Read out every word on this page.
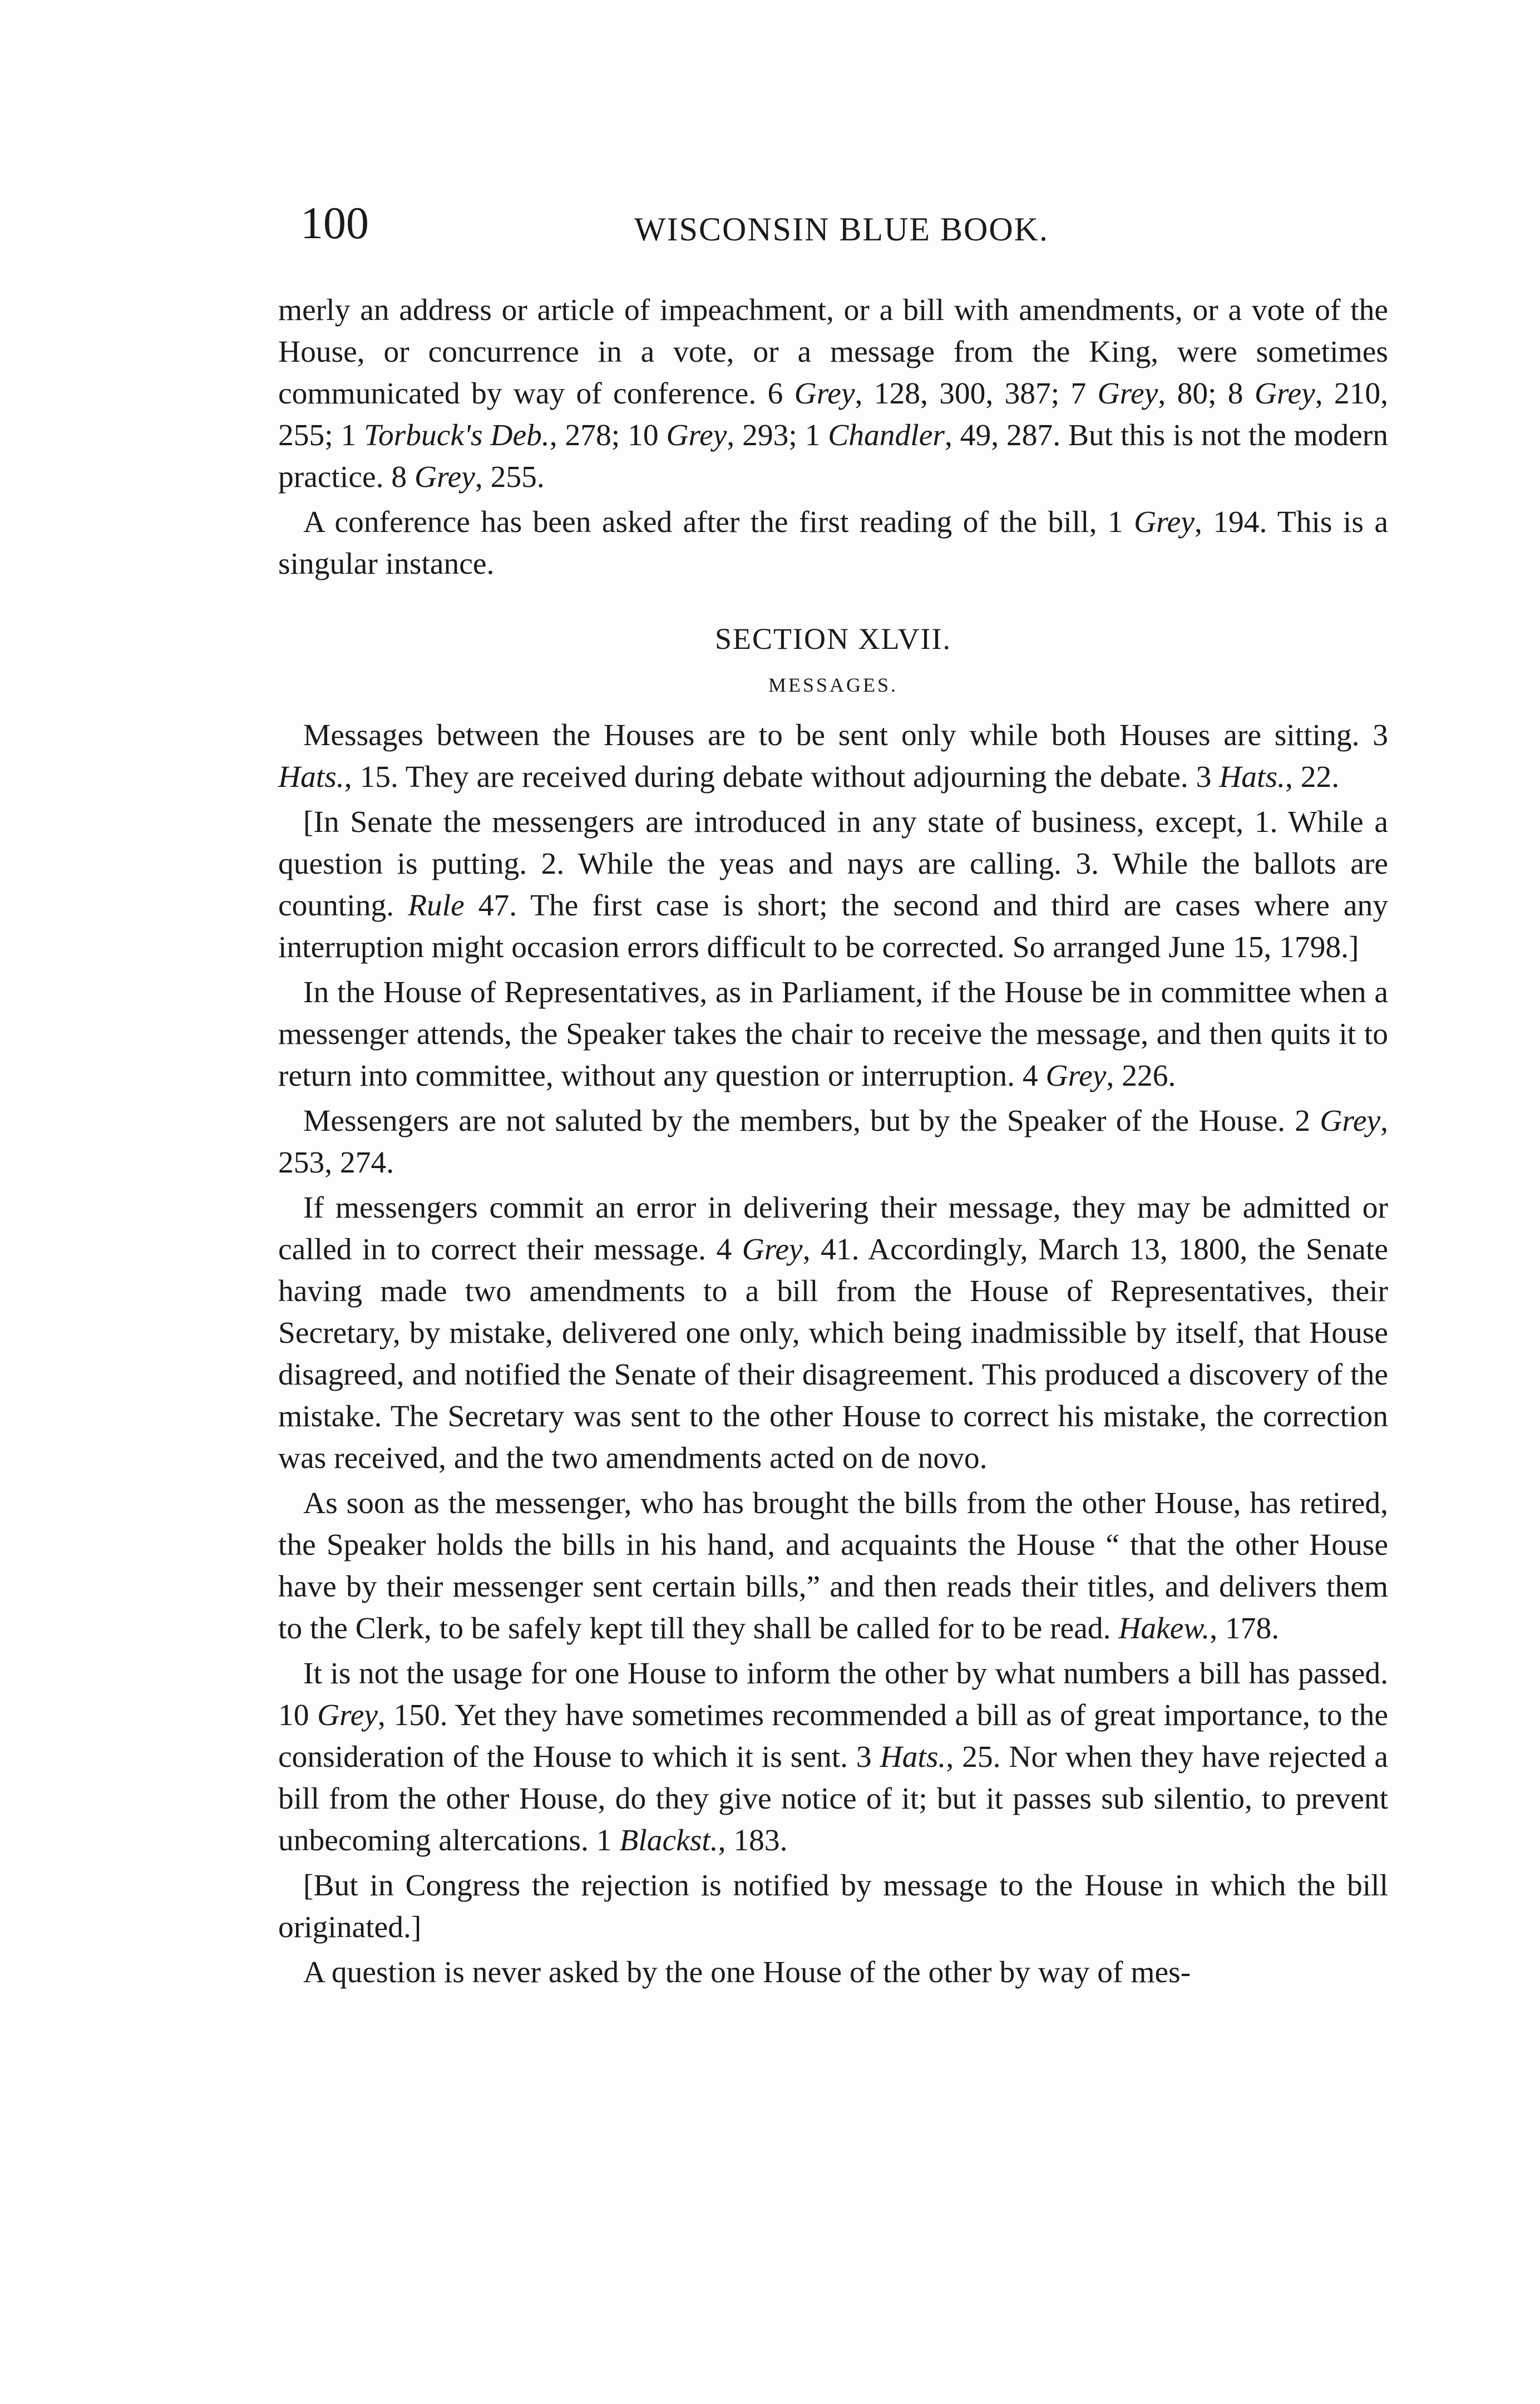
100	WISCONSIN BLUE BOOK.

merly an address or article of impeachment, or a bill with amendments, or a vote of the House, or concurrence in a vote, or a message from the King, were sometimes communicated by way of conference. 6 Grey, 128, 300, 387; 7 Grey, 80; 8 Grey, 210, 255; 1 Torbuck's Deb., 278; 10 Grey, 293; 1 Chandler, 49, 287. But this is not the modern practice. 8 Grey, 255.

A conference has been asked after the first reading of the bill, 1 Grey, 194. This is a singular instance.

SECTION XLVII.
MESSAGES.

Messages between the Houses are to be sent only while both Houses are sitting. 3 Hats., 15. They are received during debate without adjourning the debate. 3 Hats., 22.

[In Senate the messengers are introduced in any state of business, except, 1. While a question is putting. 2. While the yeas and nays are calling. 3. While the ballots are counting. Rule 47. The first case is short; the second and third are cases where any interruption might occasion errors difficult to be corrected. So arranged June 15, 1798.]

In the House of Representatives, as in Parliament, if the House be in committee when a messenger attends, the Speaker takes the chair to receive the message, and then quits it to return into committee, without any question or interruption. 4 Grey, 226.

Messengers are not saluted by the members, but by the Speaker of the House. 2 Grey, 253, 274.

If messengers commit an error in delivering their message, they may be admitted or called in to correct their message. 4 Grey, 41. Accordingly, March 13, 1800, the Senate having made two amendments to a bill from the House of Representatives, their Secretary, by mistake, delivered one only, which being inadmissible by itself, that House disagreed, and notified the Senate of their disagreement. This produced a discovery of the mistake. The Secretary was sent to the other House to correct his mistake, the correction was received, and the two amendments acted on de novo.

As soon as the messenger, who has brought the bills from the other House, has retired, the Speaker holds the bills in his hand, and acquaints the House “ that the other House have by their messenger sent certain bills,” and then reads their titles, and delivers them to the Clerk, to be safely kept till they shall be called for to be read. Hakew., 178.

It is not the usage for one House to inform the other by what numbers a bill has passed. 10 Grey, 150. Yet they have sometimes recommended a bill as of great importance, to the consideration of the House to which it is sent. 3 Hats., 25. Nor when they have rejected a bill from the other House, do they give notice of it; but it passes sub silentio, to prevent unbecoming altercations. 1 Blackst., 183.

[But in Congress the rejection is notified by message to the House in which the bill originated.]

A question is never asked by the one House of the other by way of mes-
